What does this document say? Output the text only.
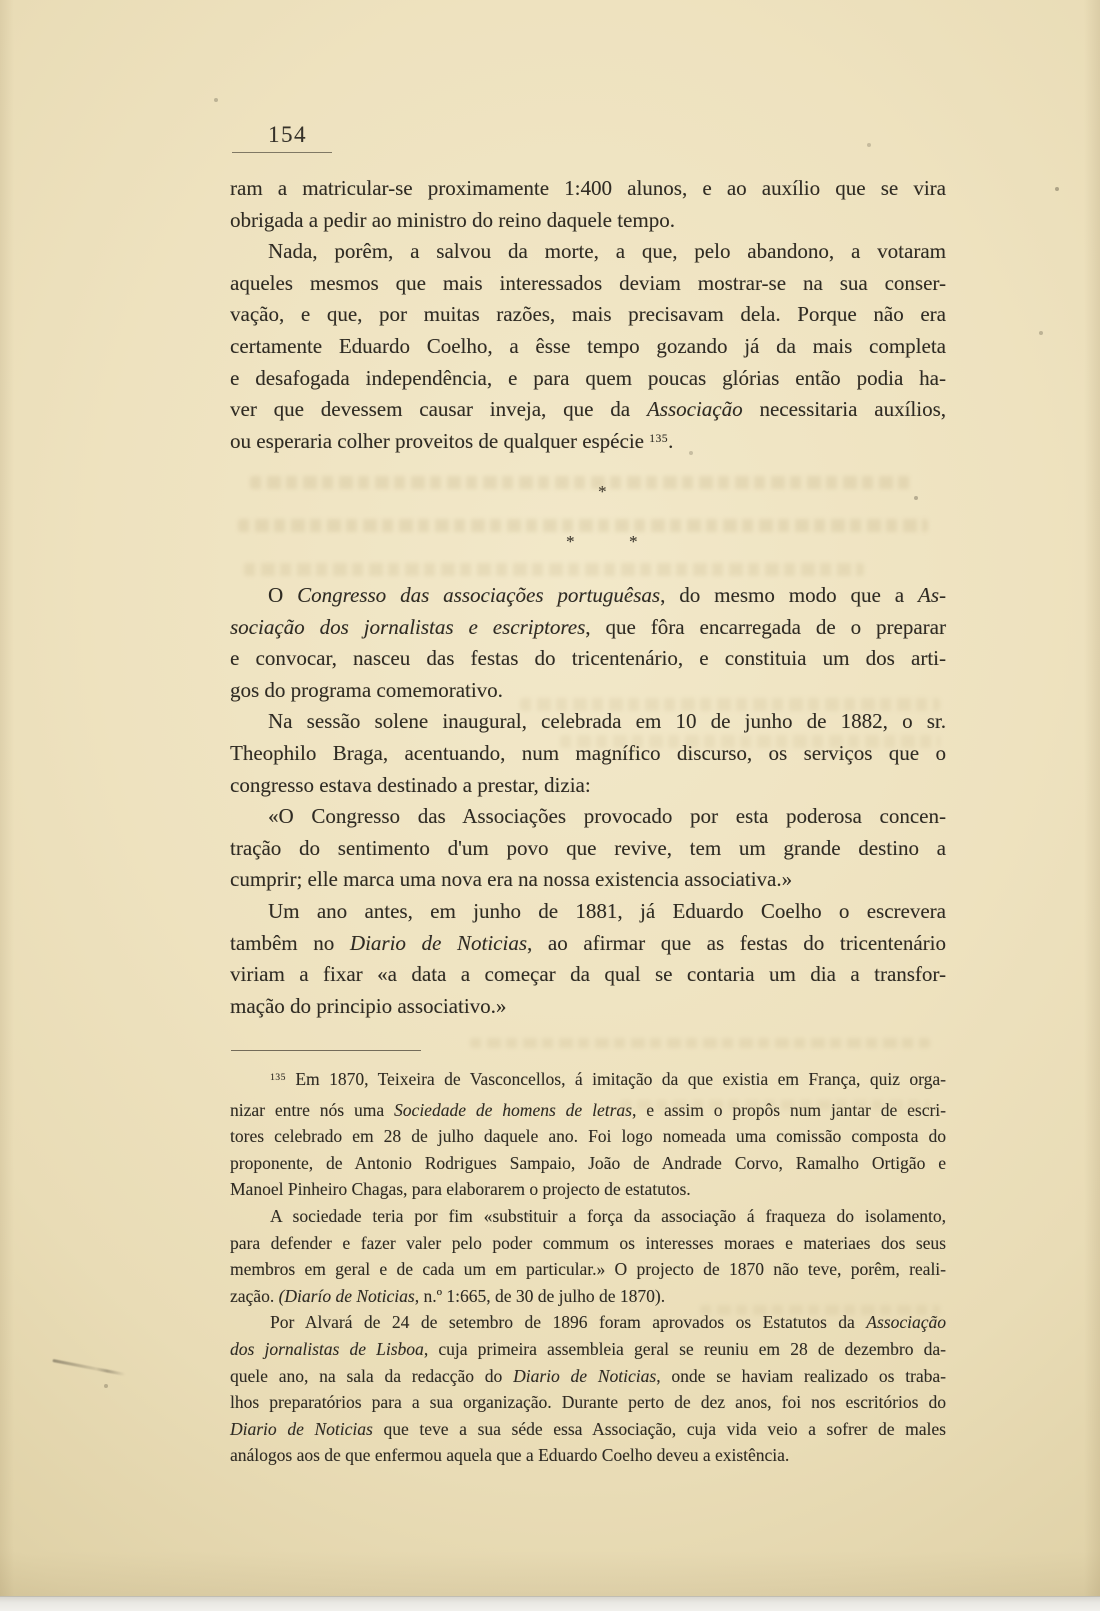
154
ram a matricular-se proximamente 1:400 alunos, e ao auxílio que se vira
obrigada a pedir ao ministro do reino daquele tempo.
Nada, porêm, a salvou da morte, a que, pelo abandono, a votaram
aqueles mesmos que mais interessados deviam mostrar-se na sua conser-
vação, e que, por muitas razões, mais precisavam dela. Porque não era
certamente Eduardo Coelho, a êsse tempo gozando já da mais completa
e desafogada independência, e para quem poucas glórias então podia ha-
ver que devessem causar inveja, que da Associação necessitaria auxílios,
ou esperaria colher proveitos de qualquer espécie $^{135}$.
*
*	*
O Congresso das associações portuguêsas, do mesmo modo que a As-
sociação dos jornalistas e escriptores, que fôra encarregada de o preparar
e convocar, nasceu das festas do tricentenário, e constituia um dos arti-
gos do programa comemorativo.
Na sessão solene inaugural, celebrada em 10 de junho de 1882, o sr.
Theophilo Braga, acentuando, num magnífico discurso, os serviços que o
congresso estava destinado a prestar, dizia:
«O Congresso das Associações provocado por esta poderosa concen-
tração do sentimento d'um povo que revive, tem um grande destino a
cumprir; elle marca uma nova era na nossa existencia associativa.»
Um ano antes, em junho de 1881, já Eduardo Coelho o escrevera
tambêm no Diario de Noticias, ao afirmar que as festas do tricentenário
viriam a fixar «a data a começar da qual se contaria um dia a transfor-
mação do principio associativo.»
$^{135}$ Em 1870, Teixeira de Vasconcellos, á imitação da que existia em França, quiz orga-
nizar entre nós uma Sociedade de homens de letras, e assim o propôs num jantar de escri-
tores celebrado em 28 de julho daquele ano. Foi logo nomeada uma comissão composta do
proponente, de Antonio Rodrigues Sampaio, João de Andrade Corvo, Ramalho Ortigão e
Manoel Pinheiro Chagas, para elaborarem o projecto de estatutos.
A sociedade teria por fim «substituir a força da associação á fraqueza do isolamento,
para defender e fazer valer pelo poder commum os interesses moraes e materiaes dos seus
membros em geral e de cada um em particular.» O projecto de 1870 não teve, porêm, reali-
zação. (Diarío de Noticias, n.º 1:665, de 30 de julho de 1870).
Por Alvará de 24 de setembro de 1896 foram aprovados os Estatutos da Associação
dos jornalistas de Lisboa, cuja primeira assembleia geral se reuniu em 28 de dezembro da-
quele ano, na sala da redacção do Diario de Noticias, onde se haviam realizado os traba-
lhos preparatórios para a sua organização. Durante perto de dez anos, foi nos escritórios do
Diario de Noticias que teve a sua séde essa Associação, cuja vida veio a sofrer de males
análogos aos de que enfermou aquela que a Eduardo Coelho deveu a existência.
